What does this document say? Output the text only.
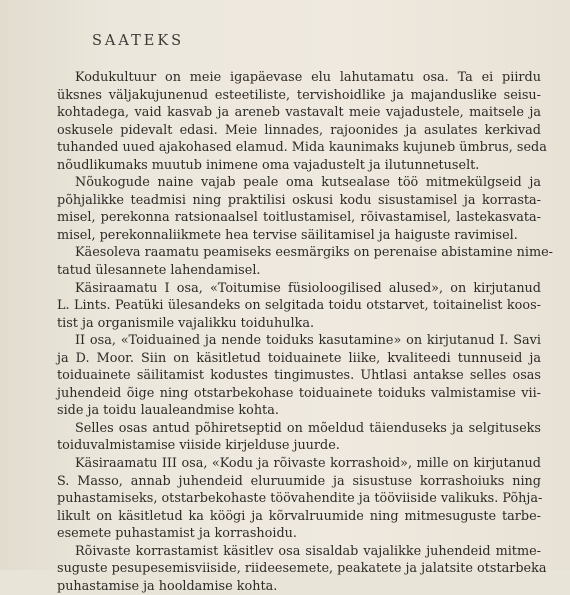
SAATEKS
Kodukultuur on meie igapäevase elu lahutamatu osa. Ta ei piirdu
üksnes väljakujunenud esteetiliste, tervishoidlike ja majanduslike seisu-
kohtadega, vaid kasvab ja areneb vastavalt meie vajadustele, maitsele ja
oskusele pidevalt edasi. Meie linnades, rajoonides ja asulates kerkivad
tuhanded uued ajakohased elamud. Mida kaunimaks kujuneb ümbrus, seda
nõudlikumaks muutub inimene oma vajadustelt ja ilutunnetuselt.
Nõukogude naine vajab peale oma kutsealase töö mitmekülgseid ja
põhjalikke teadmisi ning praktilisi oskusi kodu sisustamisel ja korrasta-
misel, perekonna ratsionaalsel toitlustamisel, rõivastamisel, lastekasvata-
misel, perekonnaliikmete heа tervise säilitamisel ja haiguste ravimisel.
Käesoleva raamatu peamiseks eesmärgiks on perenaise abistamine nime-
tatud ülesannete lahendamisel.
Käsiraamatu I osa, «Toitumise füsioloogilised alused», on kirjutanud
L. Lints. Peatüki ülesandeks on selgitada toidu otstarvet, toitainelist koos-
tist ja organismile vajalikku toiduhulka.
II osa, «Toiduained ja nende toiduks kasutamine» on kirjutanud I. Savi
ja D. Moor. Siin on käsitletud toiduainete liike, kvaliteedi tunnuseid ja
toiduainete säilitamist kodustes tingimustes. Uhtlasi antakse selles osas
juhendeid õige ning otstarbekohase toiduainete toiduks valmistamise vii-
side ja toidu laualeandmise kohta.
Selles osas antud põhiretseptid on mõeldud täienduseks ja selgituseks
toiduvalmistamise viiside kirjelduse juurde.
Käsiraamatu III osa, «Kodu ja rõivaste korrashoid», mille on kirjutanud
S. Masso, annab juhendeid eluruumide ja sisustuse korrashoiuks ning
puhastamiseks, otstarbekohaste töövahendite ja tööviiside valikuks. Põhja-
likult on käsitletud ka köögi ja kõrvalruumide ning mitmesuguste tarbe-
esemete puhastamist ja korrashoidu.
Rõivaste korrastamist käsitlev osa sisaldab vajalikke juhendeid mitme-
suguste pesupesemisviiside, riideesemete, peakatete ja jalatsite otstarbeka
puhastamise ja hooldamise kohta.
